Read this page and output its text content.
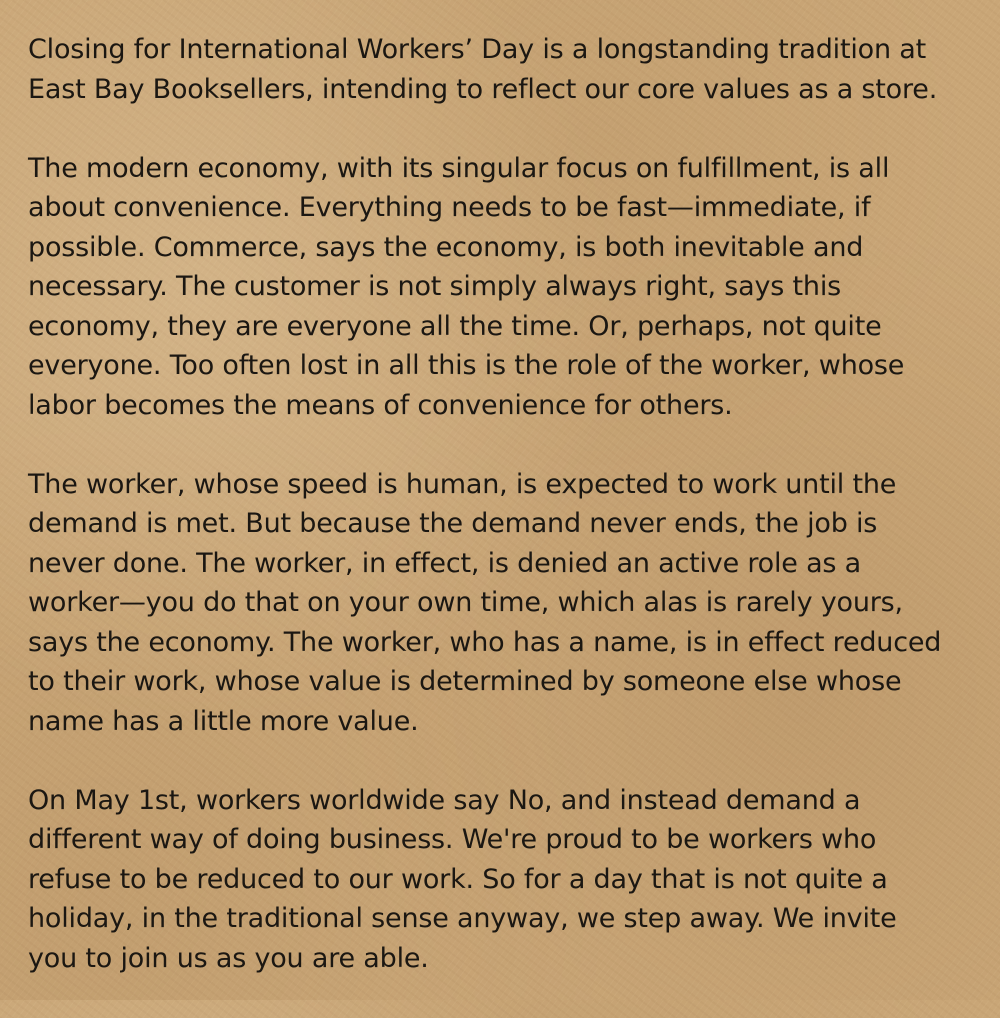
Closing for International Workers’ Day is a longstanding tradition at
East Bay Booksellers, intending to reflect our core values as a store.

The modern economy, with its singular focus on fulfillment, is all
about convenience. Everything needs to be fast—immediate, if
possible. Commerce, says the economy, is both inevitable and
necessary. The customer is not simply always right, says this
economy, they are everyone all the time. Or, perhaps, not quite
everyone. Too often lost in all this is the role of the worker, whose
labor becomes the means of convenience for others.

The worker, whose speed is human, is expected to work until the
demand is met. But because the demand never ends, the job is
never done. The worker, in effect, is denied an active role as a
worker—you do that on your own time, which alas is rarely yours,
says the economy. The worker, who has a name, is in effect reduced
to their work, whose value is determined by someone else whose
name has a little more value.

On May 1st, workers worldwide say No, and instead demand a
different way of doing business. We're proud to be workers who
refuse to be reduced to our work. So for a day that is not quite a
holiday, in the traditional sense anyway, we step away. We invite
you to join us as you are able.
